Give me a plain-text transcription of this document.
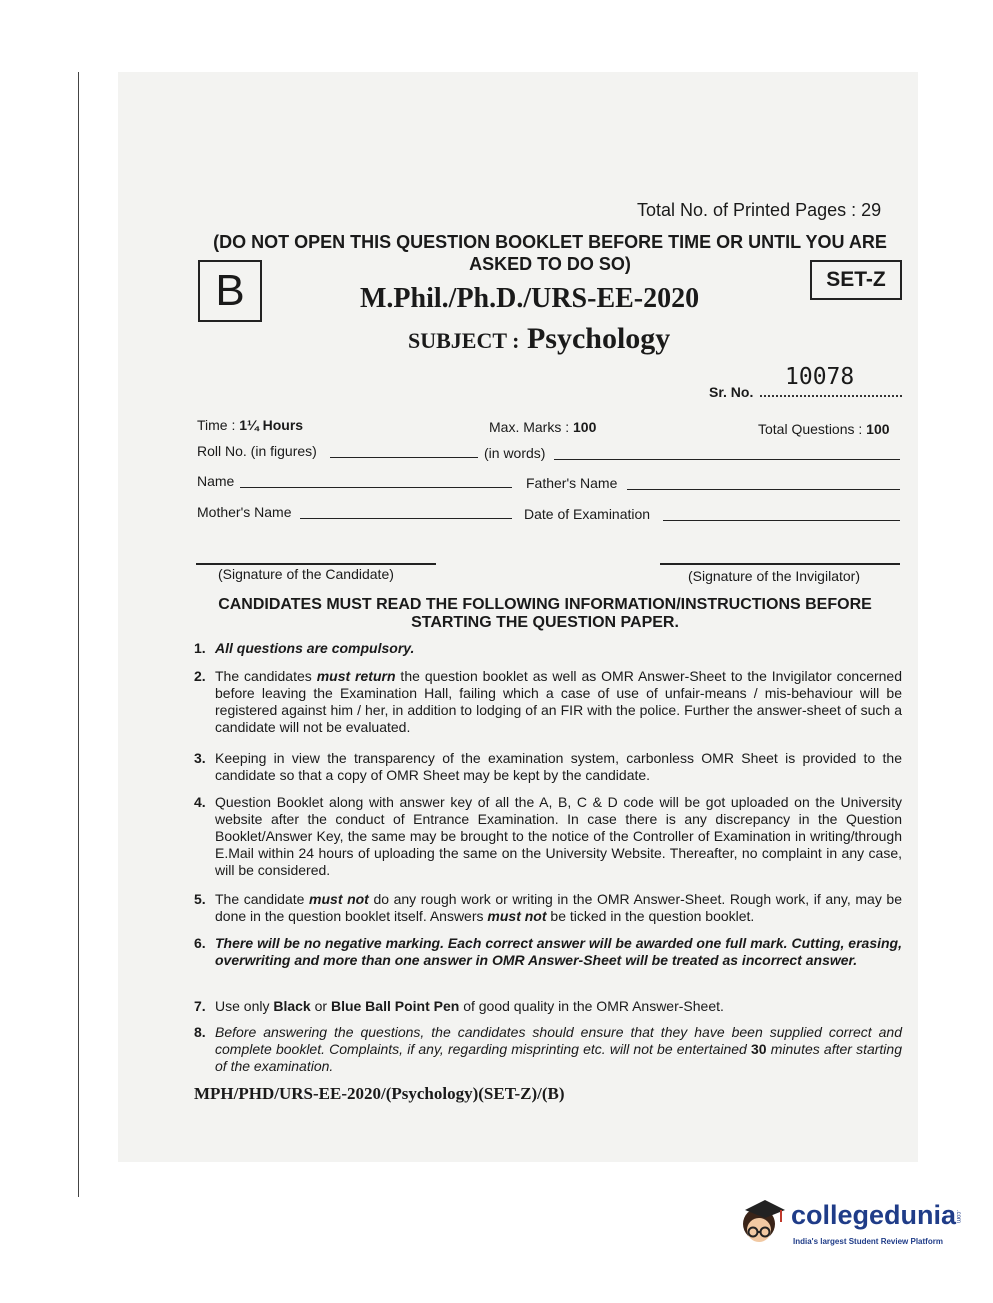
Total No. of Printed Pages : 29
(DO NOT OPEN THIS QUESTION BOOKLET BEFORE TIME OR UNTIL YOU ARE ASKED TO DO SO)
B	SET-Z
M.Phil./Ph.D./URS-EE-2020
SUBJECT : Psychology
Sr. No.
10078
Time : 1¼ Hours	Max. Marks : 100	Total Questions : 100
Roll No. (in figures)	(in words)
Name	Father's Name
Mother's Name	Date of Examination
(Signature of the Candidate)	(Signature of the Invigilator)
CANDIDATES MUST READ THE FOLLOWING INFORMATION/INSTRUCTIONS BEFORE STARTING THE QUESTION PAPER.
1. All questions are compulsory.
2. The candidates must return the question booklet as well as OMR Answer-Sheet to the Invigilator concerned before leaving the Examination Hall, failing which a case of use of unfair-means / mis-behaviour will be registered against him / her, in addition to lodging of an FIR with the police. Further the answer-sheet of such a candidate will not be evaluated.
3. Keeping in view the transparency of the examination system, carbonless OMR Sheet is provided to the candidate so that a copy of OMR Sheet may be kept by the candidate.
4. Question Booklet along with answer key of all the A, B, C & D code will be got uploaded on the University website after the conduct of Entrance Examination. In case there is any discrepancy in the Question Booklet/Answer Key, the same may be brought to the notice of the Controller of Examination in writing/through E.Mail within 24 hours of uploading the same on the University Website. Thereafter, no complaint in any case, will be considered.
5. The candidate must not do any rough work or writing in the OMR Answer-Sheet. Rough work, if any, may be done in the question booklet itself. Answers must not be ticked in the question booklet.
6. There will be no negative marking. Each correct answer will be awarded one full mark. Cutting, erasing, overwriting and more than one answer in OMR Answer-Sheet will be treated as incorrect answer.
7. Use only Black or Blue Ball Point Pen of good quality in the OMR Answer-Sheet.
8. Before answering the questions, the candidates should ensure that they have been supplied correct and complete booklet. Complaints, if any, regarding misprinting etc. will not be entertained 30 minutes after starting of the examination.
MPH/PHD/URS-EE-2020/(Psychology)(SET-Z)/(B)
collegedunia
.com
India's largest Student Review Platform
